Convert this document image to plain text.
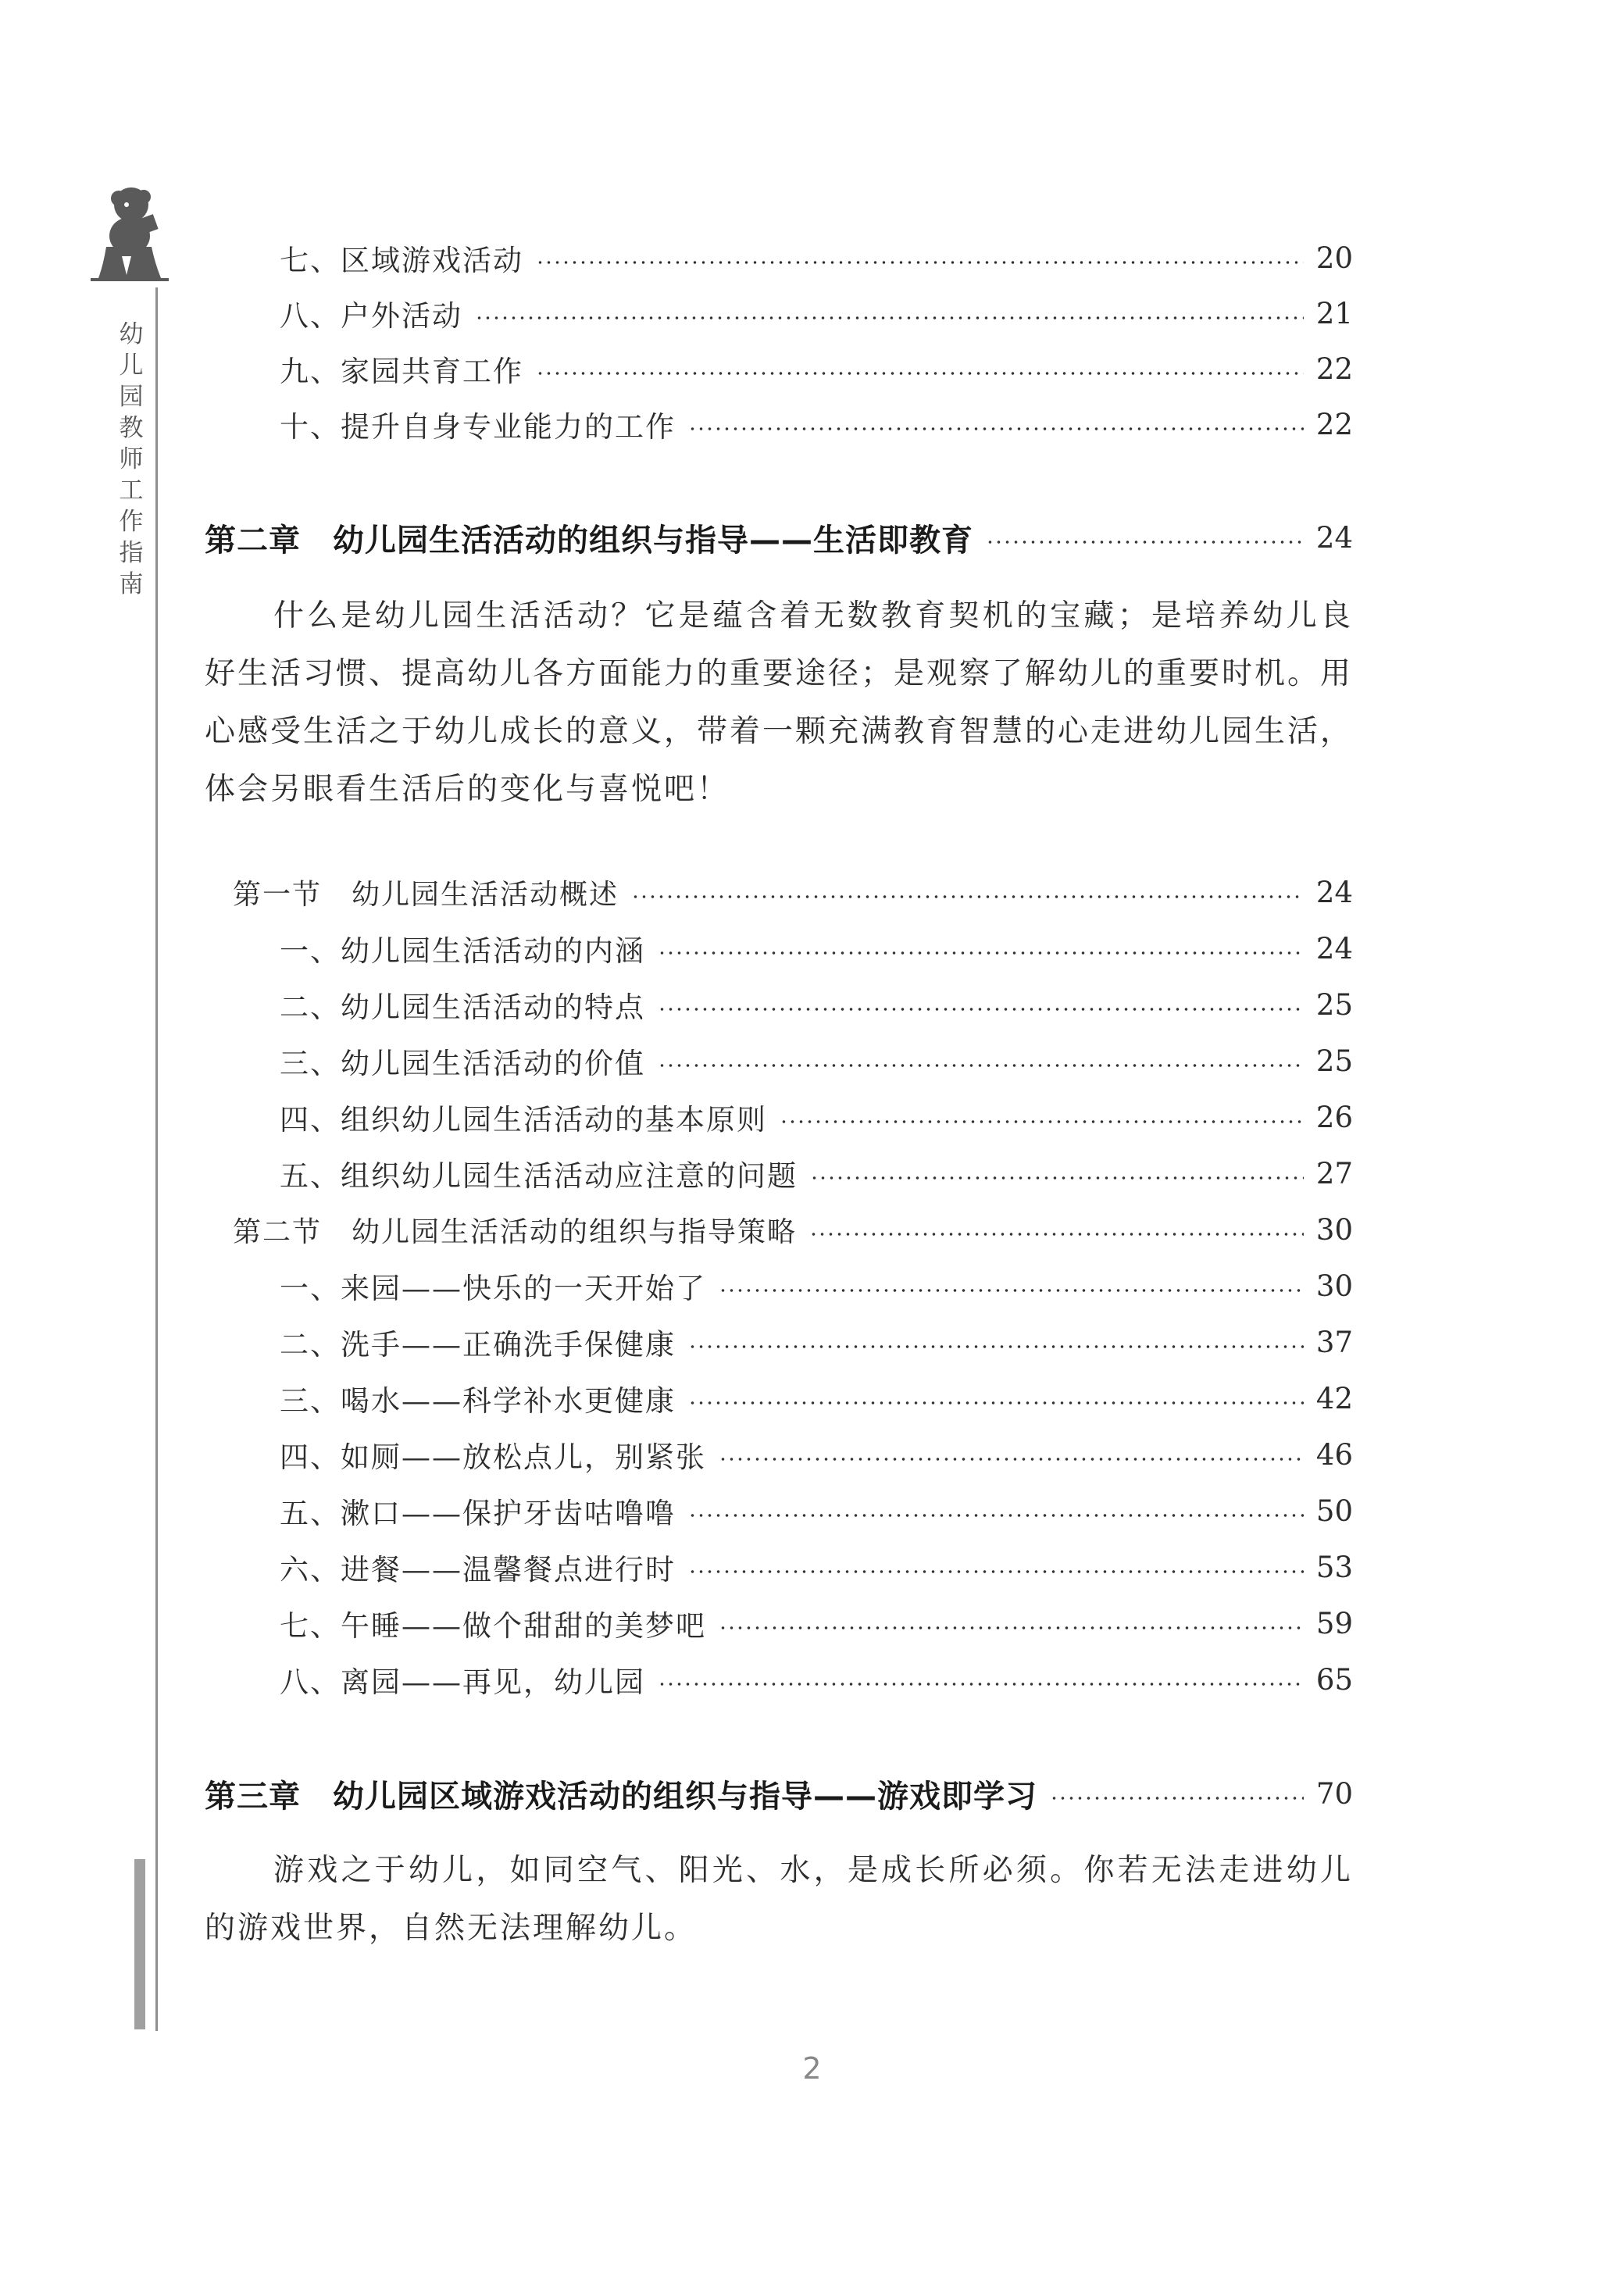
幼儿园教师工作指南
七、区域游戏活动	20
八、户外活动	21
九、家园共育工作	22
十、提升自身专业能力的工作	22
第二章　幼儿园生活活动的组织与指导——生活即教育	24

什么是幼儿园生活活动？它是蕴含着无数教育契机的宝藏；是培养幼儿良好生活习惯、提高幼儿各方面能力的重要途径；是观察了解幼儿的重要时机。用心感受生活之于幼儿成长的意义，带着一颗充满教育智慧的心走进幼儿园生活，体会另眼看生活后的变化与喜悦吧！

第一节　幼儿园生活活动概述	24
一、幼儿园生活活动的内涵	24
二、幼儿园生活活动的特点	25
三、幼儿园生活活动的价值	25
四、组织幼儿园生活活动的基本原则	26
五、组织幼儿园生活活动应注意的问题	27
第二节　幼儿园生活活动的组织与指导策略	30
一、来园——快乐的一天开始了	30
二、洗手——正确洗手保健康	37
三、喝水——科学补水更健康	42
四、如厕——放松点儿，别紧张	46
五、漱口——保护牙齿咕噜噜	50
六、进餐——温馨餐点进行时	53
七、午睡——做个甜甜的美梦吧	59
八、离园——再见，幼儿园	65
第三章　幼儿园区域游戏活动的组织与指导——游戏即学习	70

游戏之于幼儿，如同空气、阳光、水，是成长所必须。你若无法走进幼儿的游戏世界，自然无法理解幼儿。

2
